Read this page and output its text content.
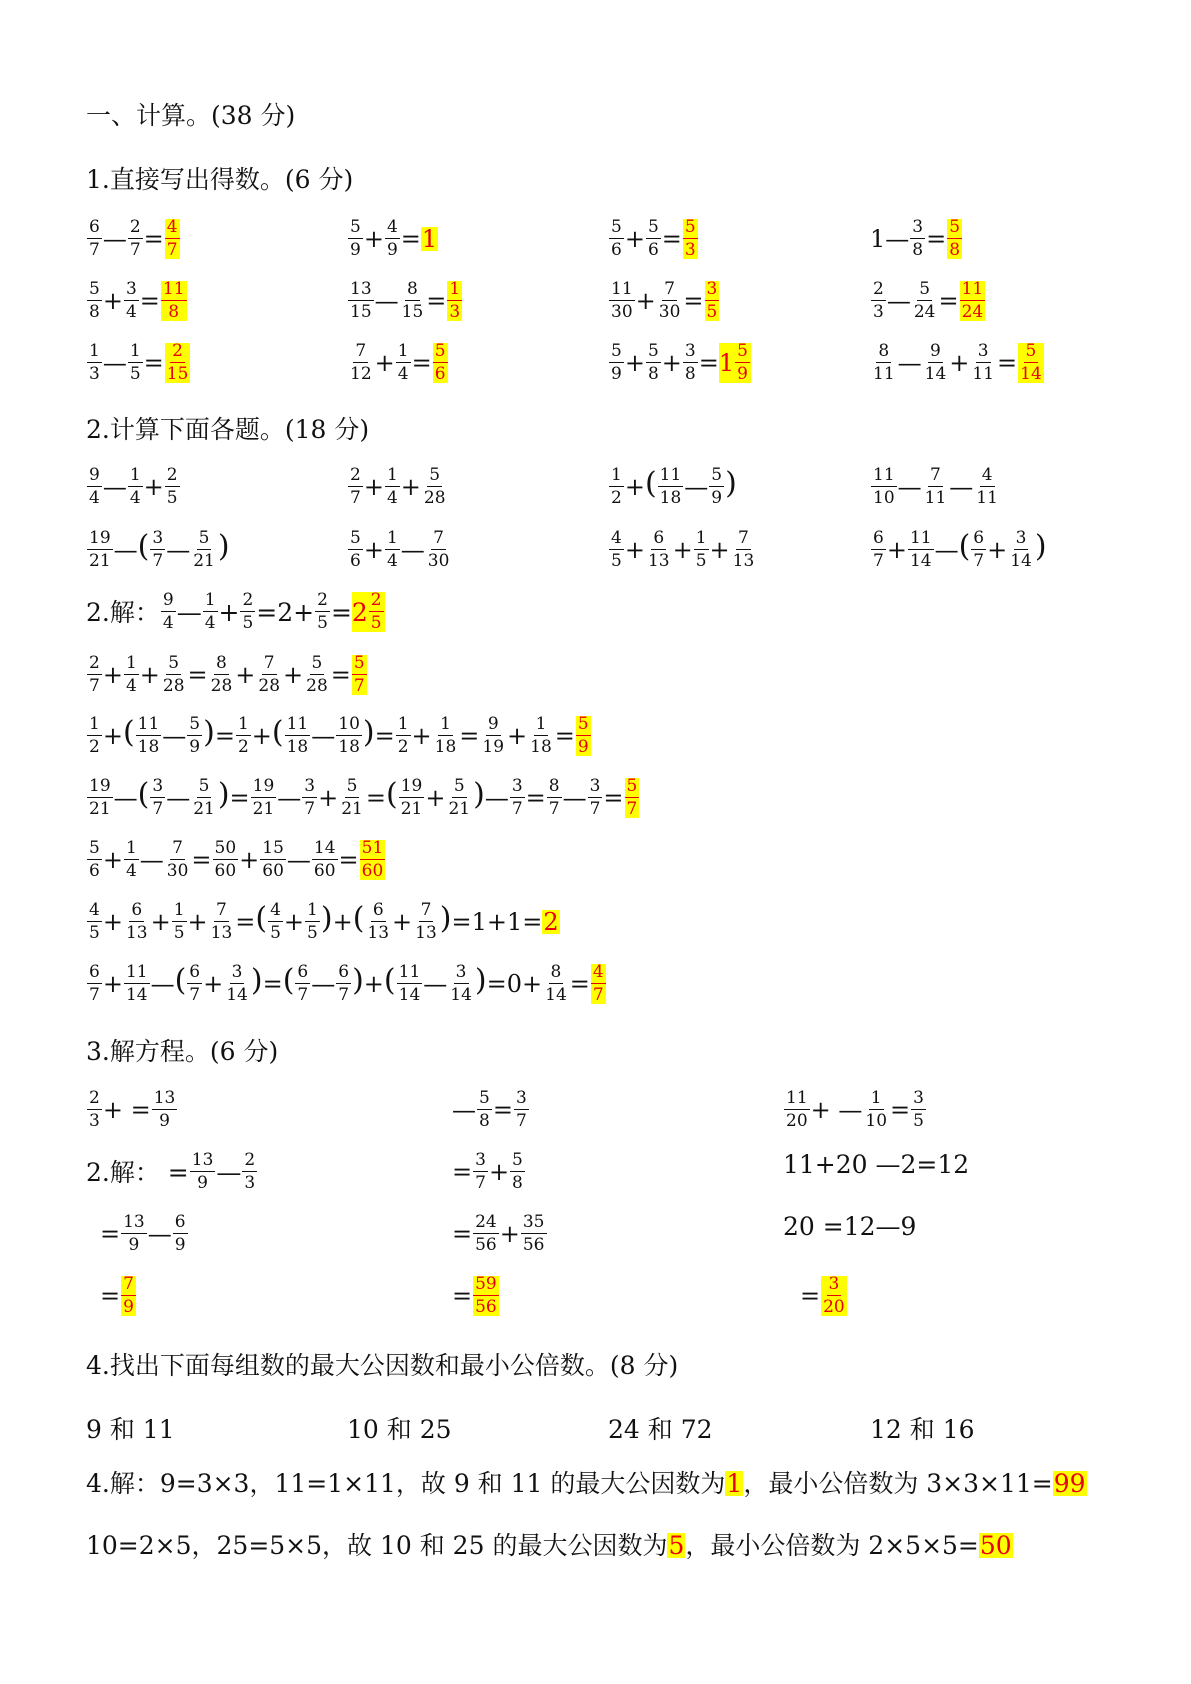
一、计算。(38 分)
1.直接写出得数。(6 分)
$\frac{6}{7}$ — $\frac{2}{7} = \frac{4}{7}$	$\frac{5}{9} + \frac{4}{9} = 1$	$\frac{5}{6} + \frac{5}{6} = \frac{5}{3}$	1— $\frac{3}{8} = \frac{5}{8}$
$\frac{5}{8} + \frac{3}{4} = \frac{11}{8}$	$\frac{13}{15}$ — $\frac{8}{15} = \frac{1}{3}$	$\frac{11}{30} + \frac{7}{30} = \frac{3}{5}$	$\frac{2}{3}$ — $\frac{5}{24} = \frac{11}{24}$
$\frac{1}{3}$ — $\frac{1}{5} = \frac{2}{15}$	$\frac{7}{12} + \frac{1}{4} = \frac{5}{6}$	$\frac{5}{9} + \frac{5}{8} + \frac{3}{8} = 1 \frac{5}{9}$	$\frac{8}{11}$ — $\frac{9}{14} + \frac{3}{11} = \frac{5}{14}$
2.计算下面各题。(18 分)
$\frac{9}{4}$ — $\frac{1}{4} + \frac{2}{5}$	$\frac{2}{7} + \frac{1}{4} + \frac{5}{28}$	$\frac{1}{2}$ + ( $\frac{11}{18}$ — $\frac{5}{9}$ )	$\frac{11}{10}$ — $\frac{7}{11}$ — $\frac{4}{11}$
$\frac{19}{21}$ — ( $\frac{3}{7}$ — $\frac{5}{21}$ )	$\frac{5}{6} + \frac{1}{4}$ — $\frac{7}{30}$	$\frac{4}{5} + \frac{6}{13} + \frac{1}{5} + \frac{7}{13}$	$\frac{6}{7} + \frac{11}{14}$ — ( $\frac{6}{7} + \frac{3}{14}$ )
2.解： $\frac{9}{4}$ — $\frac{1}{4} + \frac{2}{5} =2+ \frac{2}{5} = 2 \frac{2}{5}$
$\frac{2}{7} + \frac{1}{4} + \frac{5}{28} = \frac{8}{28} + \frac{7}{28} + \frac{5}{28} = \frac{5}{7}$
$\frac{1}{2}$ + ( $\frac{11}{18}$ — $\frac{5}{9}$ ) = $\frac{1}{2}$ + ( $\frac{11}{18}$ — $\frac{10}{18}$ ) = $\frac{1}{2} + \frac{1}{18} = \frac{9}{19} + \frac{1}{18} = \frac{5}{9}$
$\frac{19}{21}$ — ( $\frac{3}{7}$ — $\frac{5}{21}$ ) = $\frac{19}{21}$ — $\frac{3}{7} + \frac{5}{21}$ = ( $\frac{19}{21} + \frac{5}{21}$ ) — $\frac{3}{7} = \frac{8}{7}$ — $\frac{3}{7} = \frac{5}{7}$
$\frac{5}{6} + \frac{1}{4}$ — $\frac{7}{30} = \frac{50}{60} + \frac{15}{60}$ — $\frac{14}{60} = \frac{51}{60}$
$\frac{4}{5} + \frac{6}{13} + \frac{1}{5} + \frac{7}{13}$ = ( $\frac{4}{5} + \frac{1}{5}$ ) + ( $\frac{6}{13} + \frac{7}{13}$ ) =1+1= 2
$\frac{6}{7} + \frac{11}{14}$ — ( $\frac{6}{7} + \frac{3}{14}$ ) = ( $\frac{6}{7}$ — $\frac{6}{7}$ ) + ( $\frac{11}{14}$ — $\frac{3}{14}$ ) $=0+ \frac{8}{14} = \frac{4}{7}$
3.解方程。(6 分)
$\frac{2}{3}$ + = $\frac{13}{9}$	— $\frac{5}{8} = \frac{3}{7}$	$\frac{11}{20}$ + — $\frac{1}{10} = \frac{3}{5}$
2.解： = $\frac{13}{9}$ — $\frac{2}{3}$	= $\frac{3}{7} + \frac{5}{8}$	11+20 —2=12
= $\frac{13}{9}$ — $\frac{6}{9}$	= $\frac{24}{56} + \frac{35}{56}$	20 =12—9
= $\frac{7}{9}$	= $\frac{59}{56}$	= $\frac{3}{20}$
4.找出下面每组数的最大公因数和最小公倍数。(8 分)
9 和 11	10 和 25	24 和 72	12 和 16
4.解：9=3×3，11=1×11，故 9 和 11 的最大公因数为 1 ，最小公倍数为 3×3×11= 99
10=2×5，25=5×5，故 10 和 25 的最大公因数为 5 ，最小公倍数为 2×5×5= 50
